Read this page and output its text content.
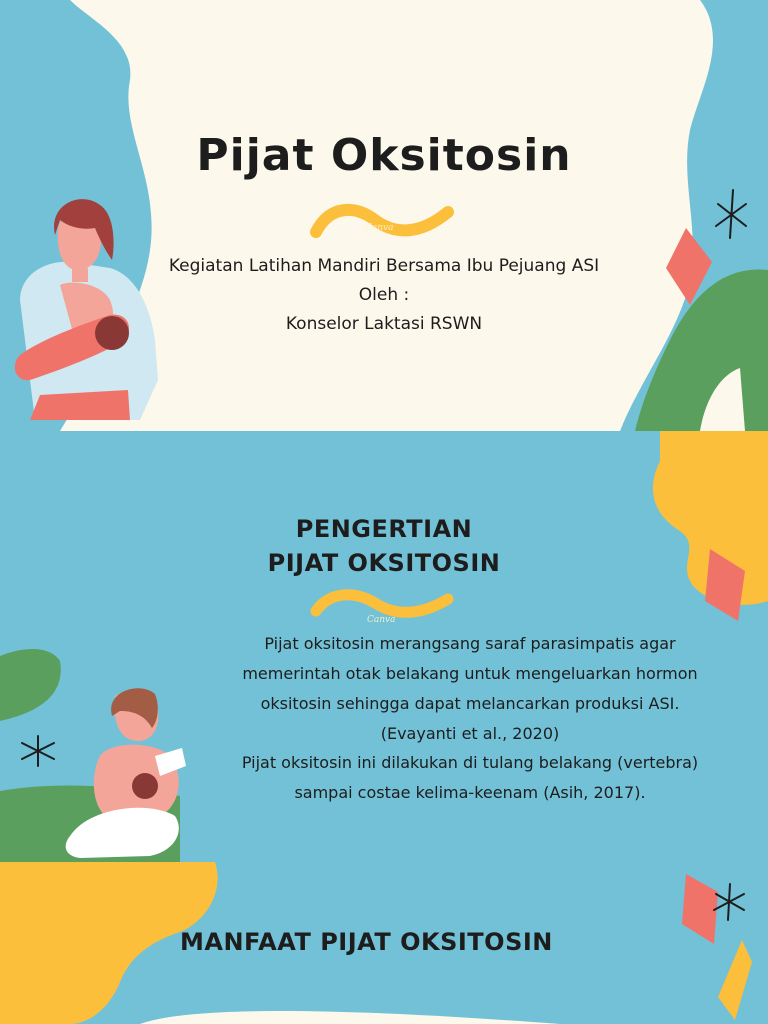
Pijat Oksitosin
Canva
Kegiatan Latihan Mandiri Bersama Ibu Pejuang ASI
Oleh :
Konselor Laktasi RSWN
PENGERTIAN
PIJAT OKSITOSIN
Canva
Pijat oksitosin merangsang saraf parasimpatis agar
memerintah otak belakang untuk mengeluarkan hormon
oksitosin sehingga dapat melancarkan produksi ASI.
(Evayanti et al., 2020)
Pijat oksitosin ini dilakukan di tulang belakang (vertebra)
sampai costae kelima-keenam (Asih, 2017).
MANFAAT PIJAT OKSITOSIN
